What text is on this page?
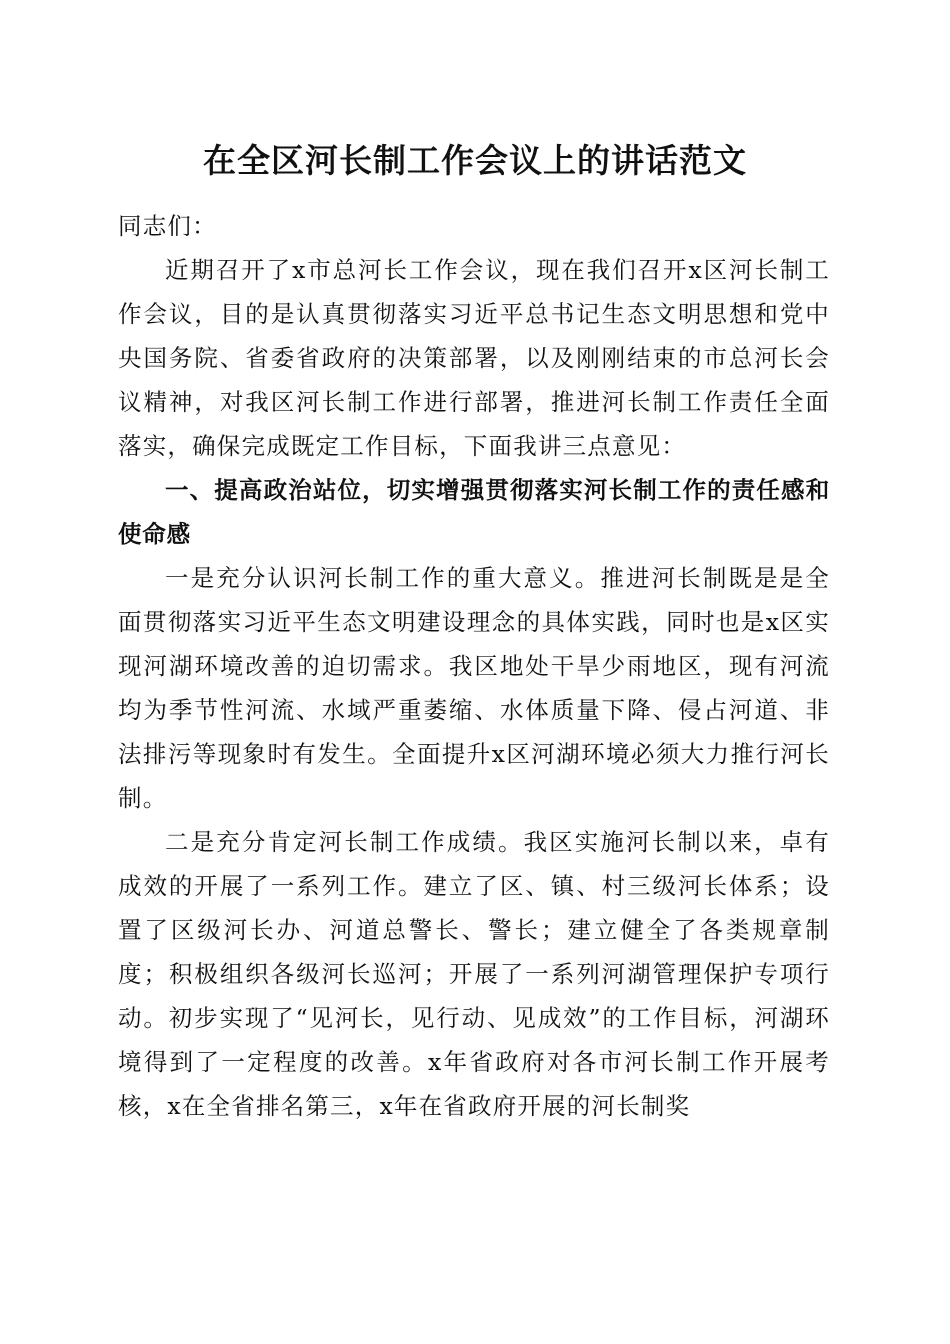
在全区河长制工作会议上的讲话范文

同志们：

近期召开了x市总河长工作会议，现在我们召开x区河长制工作会议，目的是认真贯彻落实习近平总书记生态文明思想和党中央国务院、省委省政府的决策部署，以及刚刚结束的市总河长会议精神，对我区河长制工作进行部署，推进河长制工作责任全面落实，确保完成既定工作目标，下面我讲三点意见：

一、提高政治站位，切实增强贯彻落实河长制工作的责任感和使命感

一是充分认识河长制工作的重大意义。推进河长制既是是全面贯彻落实习近平生态文明建设理念的具体实践，同时也是x区实现河湖环境改善的迫切需求。我区地处干旱少雨地区，现有河流均为季节性河流、水域严重萎缩、水体质量下降、侵占河道、非法排污等现象时有发生。全面提升x区河湖环境必须大力推行河长制。

二是充分肯定河长制工作成绩。我区实施河长制以来，卓有成效的开展了一系列工作。建立了区、镇、村三级河长体系；设置了区级河长办、河道总警长、警长；建立健全了各类规章制度；积极组织各级河长巡河；开展了一系列河湖管理保护专项行动。初步实现了“见河长，见行动、见成效”的工作目标，河湖环境得到了一定程度的改善。x年省政府对各市河长制工作开展考核，x在全省排名第三，x年在省政府开展的河长制奖
